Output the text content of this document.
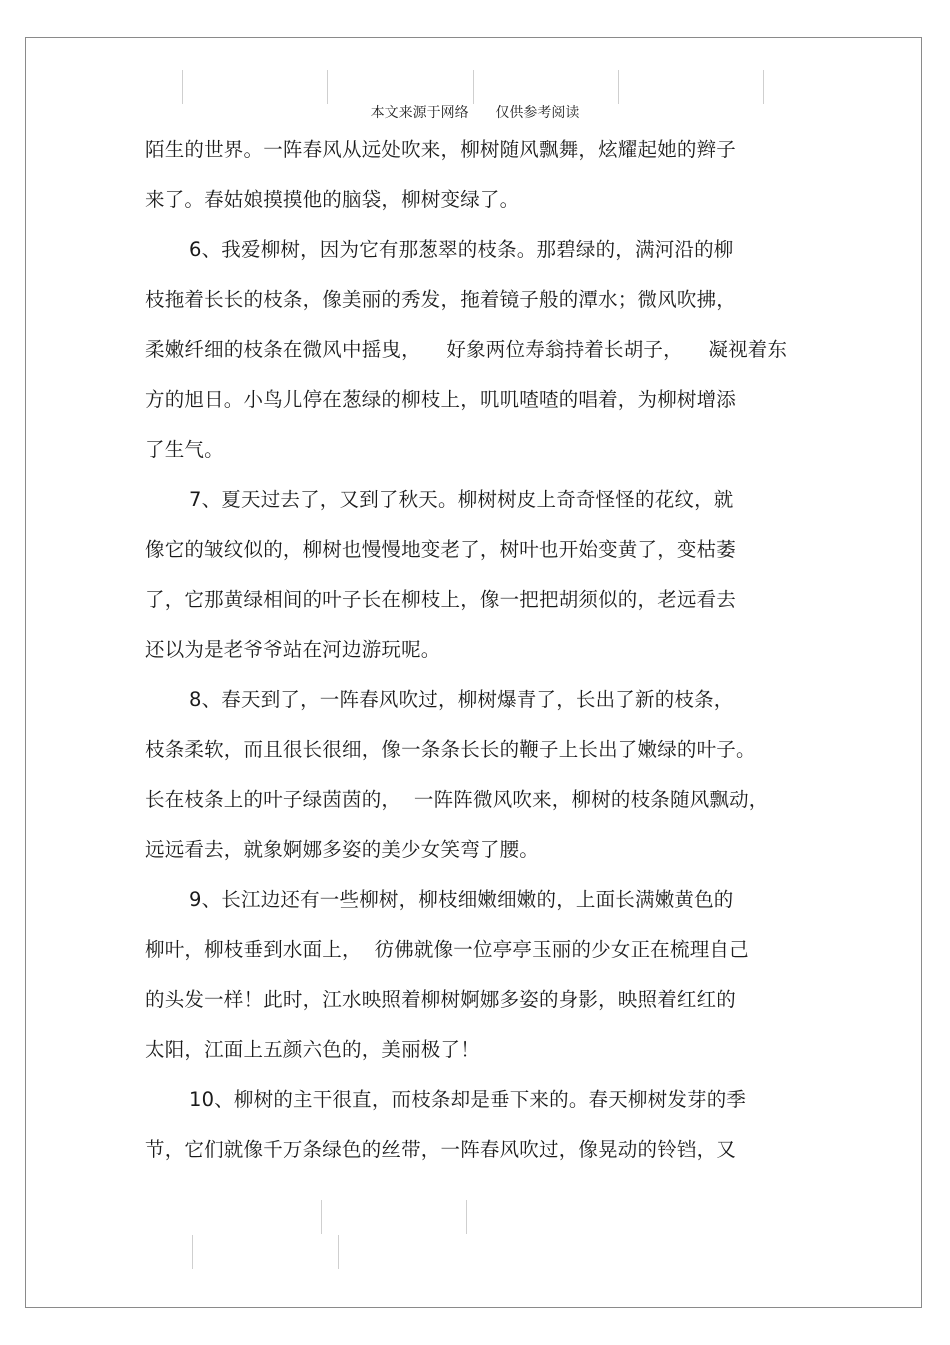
本文来源于网络      仅供参考阅读
陌生的世界。一阵春风从远处吹来，柳树随风飘舞，炫耀起她的辫子
来了。春姑娘摸摸他的脑袋，柳树变绿了。
6、我爱柳树，因为它有那葱翠的枝条。那碧绿的，满河沿的柳
枝拖着长长的枝条，像美丽的秀发，拖着镜子般的潭水；微风吹拂，
柔嫩纤细的枝条在微风中摇曳，    好象两位寿翁持着长胡子，    凝视着东
方的旭日。小鸟儿停在葱绿的柳枝上，叽叽喳喳的唱着，为柳树增添
了生气。
7、夏天过去了，又到了秋天。柳树树皮上奇奇怪怪的花纹，就
像它的皱纹似的，柳树也慢慢地变老了，树叶也开始变黄了，变枯萎
了，它那黄绿相间的叶子长在柳枝上，像一把把胡须似的，老远看去
还以为是老爷爷站在河边游玩呢。
8、春天到了，一阵春风吹过，柳树爆青了，长出了新的枝条，
枝条柔软，而且很长很细，像一条条长长的鞭子上长出了嫩绿的叶子。
长在枝条上的叶子绿茵茵的，  一阵阵微风吹来，柳树的枝条随风飘动，
远远看去，就象婀娜多姿的美少女笑弯了腰。
9、长江边还有一些柳树，柳枝细嫩细嫩的，上面长满嫩黄色的
柳叶，柳枝垂到水面上，  彷佛就像一位亭亭玉丽的少女正在梳理自己
的头发一样！此时，江水映照着柳树婀娜多姿的身影，映照着红红的
太阳，江面上五颜六色的，美丽极了！
10、柳树的主干很直，而枝条却是垂下来的。春天柳树发芽的季
节，它们就像千万条绿色的丝带，一阵春风吹过，像晃动的铃铛，又
